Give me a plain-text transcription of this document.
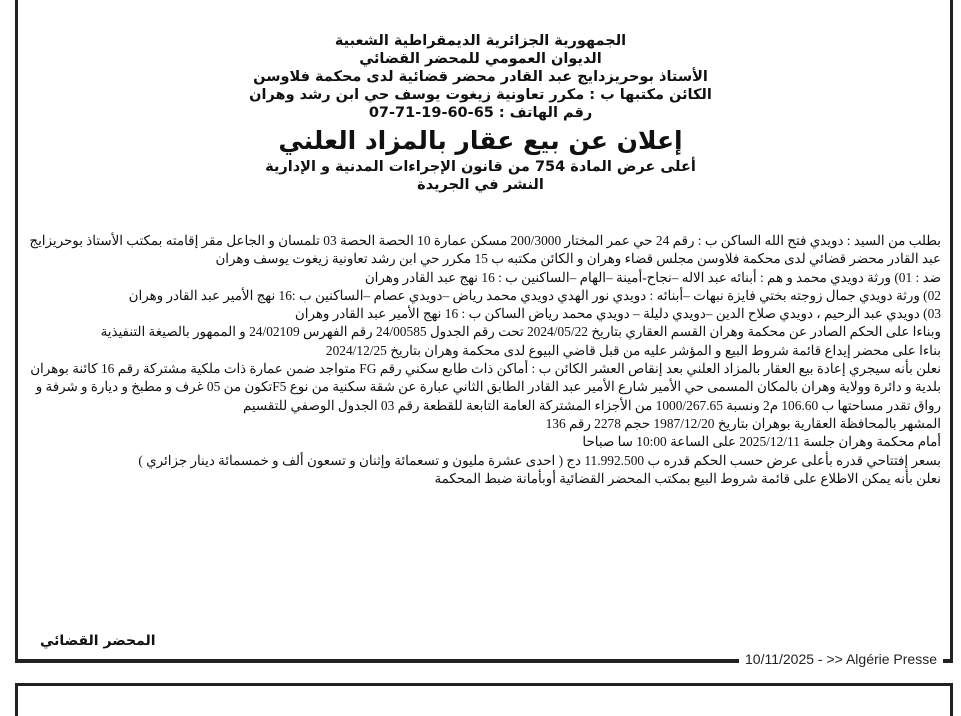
10/11/2025 - >> Algérie Presse
الجمهورية الجزائرية الديمقراطية الشعبية
الديوان العمومي للمحضر القضائي
الأستاذ بوحريزدايج عبد القادر محضر قضائية لدى محكمة فلاوسن
الكائن مكتبها ب : مكرر تعاونية زيغوت يوسف حي ابن رشد وهران
رقم الهاتف : 65-60-19-71-07
إعلان عن بيع عقار بالمزاد العلني
أعلى عرض المادة 754 من قانون الإجراءات المدنية و الإدارية
النشر في الجريدة

بطلب من السيد : دويدي فتح الله الساكن ب : رقم 24 حي عمر المختار 200/3000 مسكن عمارة 10 الحصة الحصة 03 تلمسان و الجاعل مقر إقامته بمكتب الأستاذ بوحريزايج عبد القادر محضر قضائي لدى محكمة فلاوسن مجلس قضاء وهران و الكائن مكتبه ب 15 مكرر حي ابن رشد تعاونية زيغوت يوسف وهران

ضد : 01) ورثة دويدي محمد و هم : أبنائه عبد الاله –نجاح-أمينة –الهام –الساكنين ب : 16 نهج عبد القادر وهران

02) ورثة دويدي جمال زوجته بختي فايزة نبهات –أبنائه : دويدي نور الهدي دويدي محمد رياض –دويدي عصام –الساكنين ب :16 نهج الأمير عبد القادر وهران

03) دويدي عبد الرحيم ، دويدي صلاح الدين –دويدي دليلة – دويدي محمد رياض الساكن ب : 16 نهج الأمير عبد القادر وهران

وبناءا على الحكم الصادر عن محكمة وهران القسم العقاري بتاريخ 2024/05/22 تحت رقم الجدول 24/00585 رقم الفهرس 24/02109 و الممهور بالصيغة التنفيذية

بناءا على محضر إيداع قائمة شروط البيع و المؤشر عليه من قبل قاضي البيوع لدى محكمة وهران بتاريخ 2024/12/25

نعلن بأنه سيجري إعادة بيع العقار بالمزاد العلني بعد إنقاص العشر الكائن ب : أماكن ذات طابع سكني رقم FG متواجد ضمن عمارة ذات ملكية مشتركة رقم 16 كائنة بوهران بلدية و دائرة وولاية وهران بالمكان المسمى حي الأمير شارع الأمير عبد القادر الطابق الثاني عبارة عن شقة سكنية من نوع F5تكون من 05 غرف و مطبخ و ديارة و شرفة و رواق تقدر مساحتها ب 106.60 م2 ونسبة 1000/267.65 من الأجزاء المشتركة العامة التابعة للقطعة رقم 03 الجدول الوصفي للتقسيم

المشهر بالمحافظة العقارية بوهران بتاريخ 1987/12/20 حجم 2278 رقم 136

أمام محكمة وهران جلسة 2025/12/11 على الساعة 10:00 سا صباحا

بسعر إفتتاحي قدره بأعلى عرض حسب الحكم قدره ب 11.992.500 دج ( احدى عشرة مليون و تسعمائة وإثنان و تسعون ألف و خمسمائة دينار جزائري )

نعلن بأنه يمكن الاطلاع على قائمة شروط البيع بمكتب المحضر القضائية أوبأمانة ضبط المحكمة

المحضر القضائي
